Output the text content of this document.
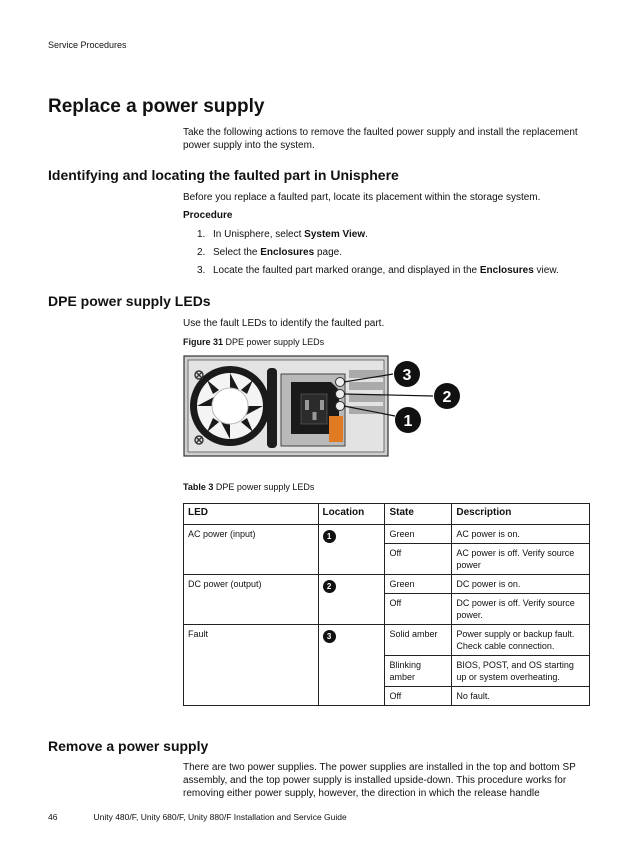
Service Procedures
Replace a power supply
Take the following actions to remove the faulted power supply and install the replacement power supply into the system.
Identifying and locating the faulted part in Unisphere
Before you replace a faulted part, locate its placement within the storage system.
Procedure
1. In Unisphere, select System View.
2. Select the Enclosures page.
3. Locate the faulted part marked orange, and displayed in the Enclosures view.
DPE power supply LEDs
Use the fault LEDs to identify the faulted part.
Figure 31 DPE power supply LEDs
3
2
1
Table 3 DPE power supply LEDs
LED	Location	State	Description
AC power (input)	1	Green	AC power is on.
		Off	AC power is off. Verify source power
DC power (output)	2	Green	DC power is on.
		Off	DC power is off. Verify source power.
Fault	3	Solid amber	Power supply or backup fault. Check cable connection.
		Blinking amber	BIOS, POST, and OS starting up or system overheating.
		Off	No fault.
Remove a power supply
There are two power supplies. The power supplies are installed in the top and bottom SP assembly, and the top power supply is installed upside-down. This procedure works for removing either power supply, however, the direction in which the release handle
46	Unity 480/F, Unity 680/F, Unity 880/F Installation and Service Guide
